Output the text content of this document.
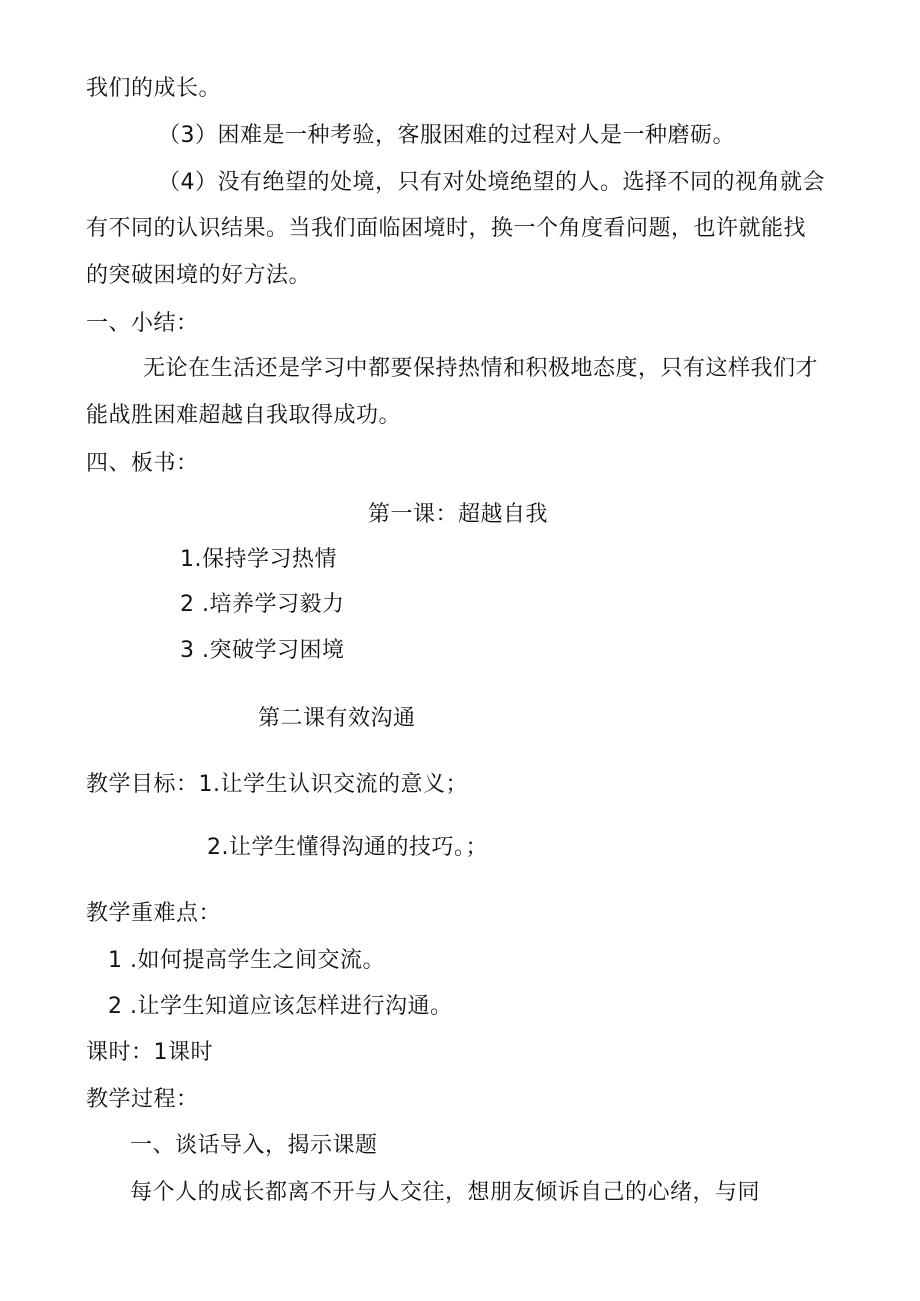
我们的成长。
（3）困难是一种考验，客服困难的过程对人是一种磨砺。
（4）没有绝望的处境，只有对处境绝望的人。选择不同的视角就会
有不同的认识结果。当我们面临困境时，换一个角度看问题，也许就能找
的突破困境的好方法。
一、小结：
无论在生活还是学习中都要保持热情和积极地态度，只有这样我们才
能战胜困难超越自我取得成功。
四、板书：
第一课：超越自我
1.保持学习热情
2 .培养学习毅力
3 .突破学习困境
第二课有效沟通
教学目标：1.让学生认识交流的意义；
2.让学生懂得沟通的技巧。；
教学重难点：
1 .如何提高学生之间交流。
2 .让学生知道应该怎样进行沟通。
课时：1课时
教学过程：
一、谈话导入，揭示课题
每个人的成长都离不开与人交往，想朋友倾诉自己的心绪，与同
